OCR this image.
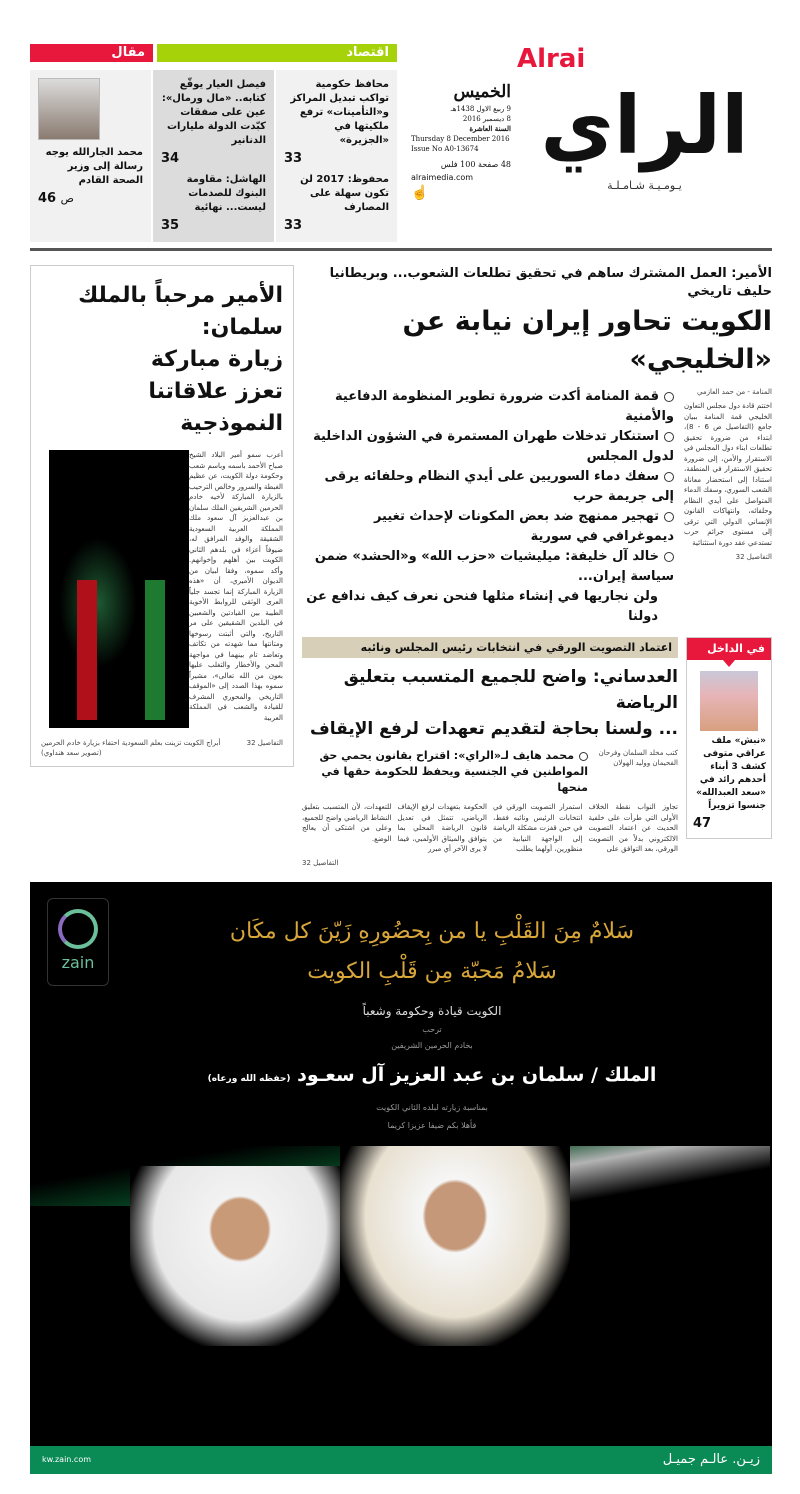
Alrai
الراي
يـومـيـة شـامـلـة
الخميس
9 ربيع الاول 1438هـ
8 ديسمبر 2016
السنة العاشرة
Thursday 8 December 2016
Issue No A0-13674
48 صفحة 100 فلس
alraimedia.com
☝
اقتصاد
مقال
محافظ حكومية تواكب تبديل المراكز و«التأمينات» ترفع ملكيتها في «الجزيرة»
33
محفوظ: 2017 لن تكون سهلة على المصارف
33
فيصل العيار يوقّع كتابه.. «مال ورمال»: عين على صفقات كبّدت الدولة مليارات الدنانير
34
الهاشل: مقاومة البنوك للصدمات ليست... نهائية
35
محمد الجارالله يوجه رسالة إلى وزير الصحة القادم
46 ص
الأمير: العمل المشترك ساهم في تحقيق تطلعات الشعوب... وبريطانيا حليف تاريخي
الكويت تحاور إيران نيابة عن «الخليجي»
المنامة - من حمد العازمي
اختتم قادة دول مجلس التعاون الخليجي قمة المنامة ببيان جامع (التفاصيل ص 6 - 8)، ابتداء من ضرورة تحقيق تطلعات ابناء دول المجلس في الاستقرار والأمن، إلى ضرورة تحقيق الاستقرار في المنطقة، استنادا إلى استحضار معاناة الشعب السوري، وسفك الدماء المتواصل على أيدي النظام وحلفائه، وانتهاكات القانون الإنساني الدولي التي ترقى إلى مستوى جرائم حرب تستدعي عقد دورة استثنائية
التفاصيل 32
قمة المنامة أكدت ضرورة تطوير المنظومة الدفاعية والأمنية
استنكار تدخلات طهران المستمرة في الشؤون الداخلية لدول المجلس
سفك دماء السوريين على أيدي النظام وحلفائه يرقى إلى جريمة حرب
تهجير ممنهج ضد بعض المكونات لإحداث تغيير ديموغرافي في سورية
خالد آل خليفة: ميليشيات «حزب الله» و«الحشد» ضمن سياسة إيران...
ولن نجاريها في إنشاء مثلها فنحن نعرف كيف ندافع عن دولنا
في الداخل
«نبش» ملف عراقي متوفى كشف 3 أبناء أحدهم رائد في «سعد العبدالله» جنسوا تزويراً
47
اعتماد التصويت الورقي في انتخابات رئيس المجلس ونائبه
العدساني: واضح للجميع المتسبب بتعليق الرياضة
... ولسنا بحاجة لتقديم تعهدات لرفع الإيقاف
كتب مخلد السلمان وفرحان الفحيمان ووليد الهولان
محمد هايف لـ«الراي»: اقتراح بقانون يحمي حق المواطنين في الجنسية ويحفظ للحكومة حقها في منحها
تجاوز النواب نقطة الخلاف الأولى التي طرأت على خلفية الحديث عن اعتماد التصويت الالكتروني بدلاً من التصويت الورقي، بعد التوافق على
استمرار التصويت الورقي في انتخابات الرئيس ونائبه فقط، في حين قفزت مشكلة الرياضة إلى الواجهة النيابية من منظورين، أولهما يطلب
الحكومة بتعهدات لرفع الإيقاف الرياضي، تتمثل في تعديل قانون الرياضة المحلي بما يتوافق والميثاق الأولمبي، فيما لا يرى الآخر أي مبرر
للتعهدات، لأن المتسبب بتعليق النشاط الرياضي واضح للجميع، وعلى من اشتكى أن يعالج الوضع.
التفاصيل 32
الأمير مرحباً بالملك سلمان:
زيارة مباركة
تعزز علاقاتنا النموذجية
أعرب سمو أمير البلاد الشيخ صباح الأحمد باسمه وباسم شعب وحكومة دولة الكويت، عن عظيم الغبطة والسرور وخالص الترحيب بالزيارة المباركة لأخيه خادم الحرمين الشريفين الملك سلمان بن عبدالعزيز آل سعود ملك المملكة العربية السعودية الشقيقة والوفد المرافق له، ضيوفاً أعزاء في بلدهم الثاني الكويت بين أهلهم وإخوانهم. وأكد سموه، وفقا لبيان من الديوان الأميري، أن «هذه الزيارة المباركة إنما تجسد جلياً العرى الوثقى للروابط الأخوية الطيبة بين القيادتين والشعبين في البلدين الشقيقين على مر التاريخ، والتي أثبتت رسوخها ومتانتها مما شهدته من تكاتف وتعاضد تام بينهما في مواجهة المحن والأخطار والتغلب عليها بعون من الله تعالى»، مشيراً سموه بهذا الصدد إلى «الموقف التاريخي والمحوري المشرف للقيادة والشعب في المملكة العربية
التفاصيل 32
أبراج الكويت تزينت بعلم السعودية احتفاء بزيارة خادم الحرمين (تصوير سعد هنداوي)
zain
سَلامٌ مِنَ القَلْبِ يا من بِحضُورِهِ زَيّنَ كل مكَان
سَلامُ مَحبّة مِن قَلْبِ الكويت
الكويت قيادة وحكومة وشعباً
ترحب
بخادم الحرمين الشريفين
الملك / سلمان بن عبد العزيز آل سعـود (حفظه الله ورعاه)
بمناسبة زيارته لبلده الثاني الكويت
فأهلا بكم ضيفا عزيزا كريما
زيـن. عالـم جميـل
kw.zain.com
